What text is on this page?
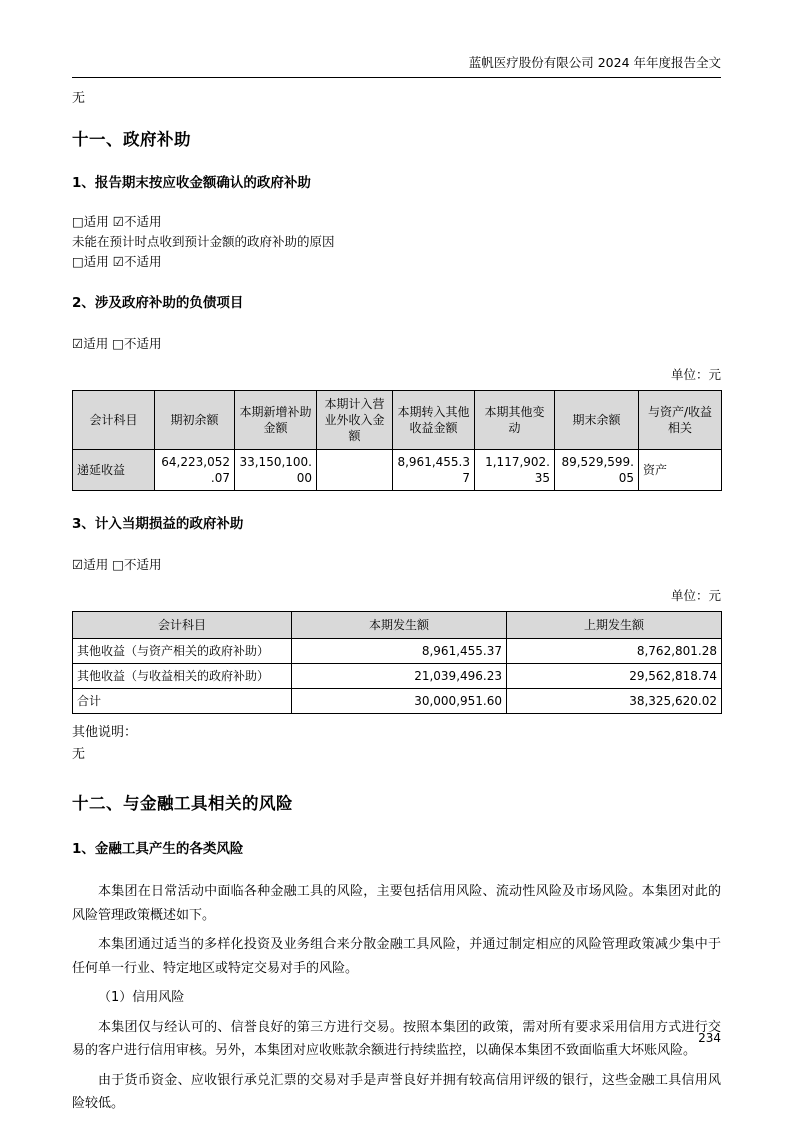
蓝帆医疗股份有限公司 2024 年年度报告全文

无

十一、政府补助

1、报告期末按应收金额确认的政府补助

□适用 ☑不适用

未能在预计时点收到预计金额的政府补助的原因

□适用 ☑不适用

2、涉及政府补助的负债项目

☑适用 □不适用

单位：元

会计科目	期初余额	本期新增补助金额	本期计入营业外收入金额	本期转入其他收益金额	本期其他变动	期末余额	与资产/收益相关
递延收益	64,223,052.07	33,150,100.00		8,961,455.37	1,117,902.35	89,529,599.05	资产

3、计入当期损益的政府补助

☑适用 □不适用

单位：元

会计科目	本期发生额	上期发生额
其他收益（与资产相关的政府补助）	8,961,455.37	8,762,801.28
其他收益（与收益相关的政府补助）	21,039,496.23	29,562,818.74
合计	30,000,951.60	38,325,620.02

其他说明：

无

十二、与金融工具相关的风险

1、金融工具产生的各类风险

本集团在日常活动中面临各种金融工具的风险，主要包括信用风险、流动性风险及市场风险。本集团对此的风险管理政策概述如下。

本集团通过适当的多样化投资及业务组合来分散金融工具风险，并通过制定相应的风险管理政策减少集中于任何单一行业、特定地区或特定交易对手的风险。

（1）信用风险

本集团仅与经认可的、信誉良好的第三方进行交易。按照本集团的政策，需对所有要求采用信用方式进行交易的客户进行信用审核。另外，本集团对应收账款余额进行持续监控，以确保本集团不致面临重大坏账风险。

由于货币资金、应收银行承兑汇票的交易对手是声誉良好并拥有较高信用评级的银行，这些金融工具信用风险较低。

234
